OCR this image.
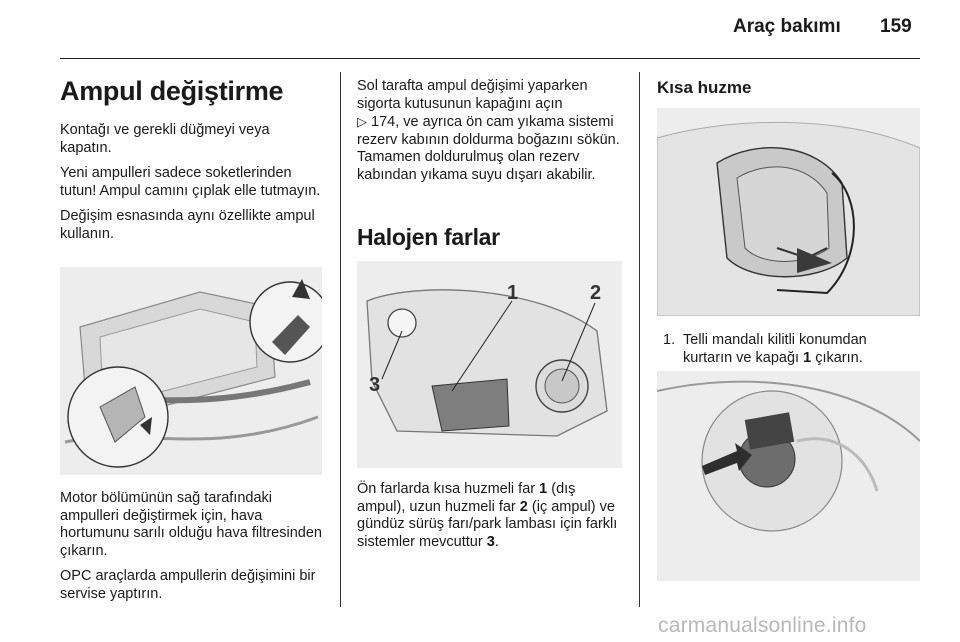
Araç bakımı 159
Ampul değiştirme

Kontağı ve gerekli düğmeyi veya kapatın.

Yeni ampulleri sadece soketlerinden tutun! Ampul camını çıplak elle tutmayın.

Değişim esnasında aynı özellikte ampul kullanın.

Motor bölümünün sağ tarafındaki ampulleri değiştirmek için, hava hortumunu sarılı olduğu hava filtresinden çıkarın.

OPC araçlarda ampullerin değişimini bir servise yaptırın.

Sol tarafta ampul değişimi yaparken sigorta kutusunun kapağını açın
▷ 174, ve ayrıca ön cam yıkama sistemi rezerv kabının doldurma boğazını sökün. Tamamen doldurulmuş olan rezerv kabından yıkama suyu dışarı akabilir.

Halojen farlar
1	2
3

Ön farlarda kısa huzmeli far 1 (dış ampul), uzun huzmeli far 2 (iç ampul) ve gündüz sürüş farı/park lambası için farklı sistemler mevcuttur 3.

Kısa huzme
1. Telli mandalı kilitli konumdan kurtarın ve kapağı 1 çıkarın.
carmanualsonline.info
